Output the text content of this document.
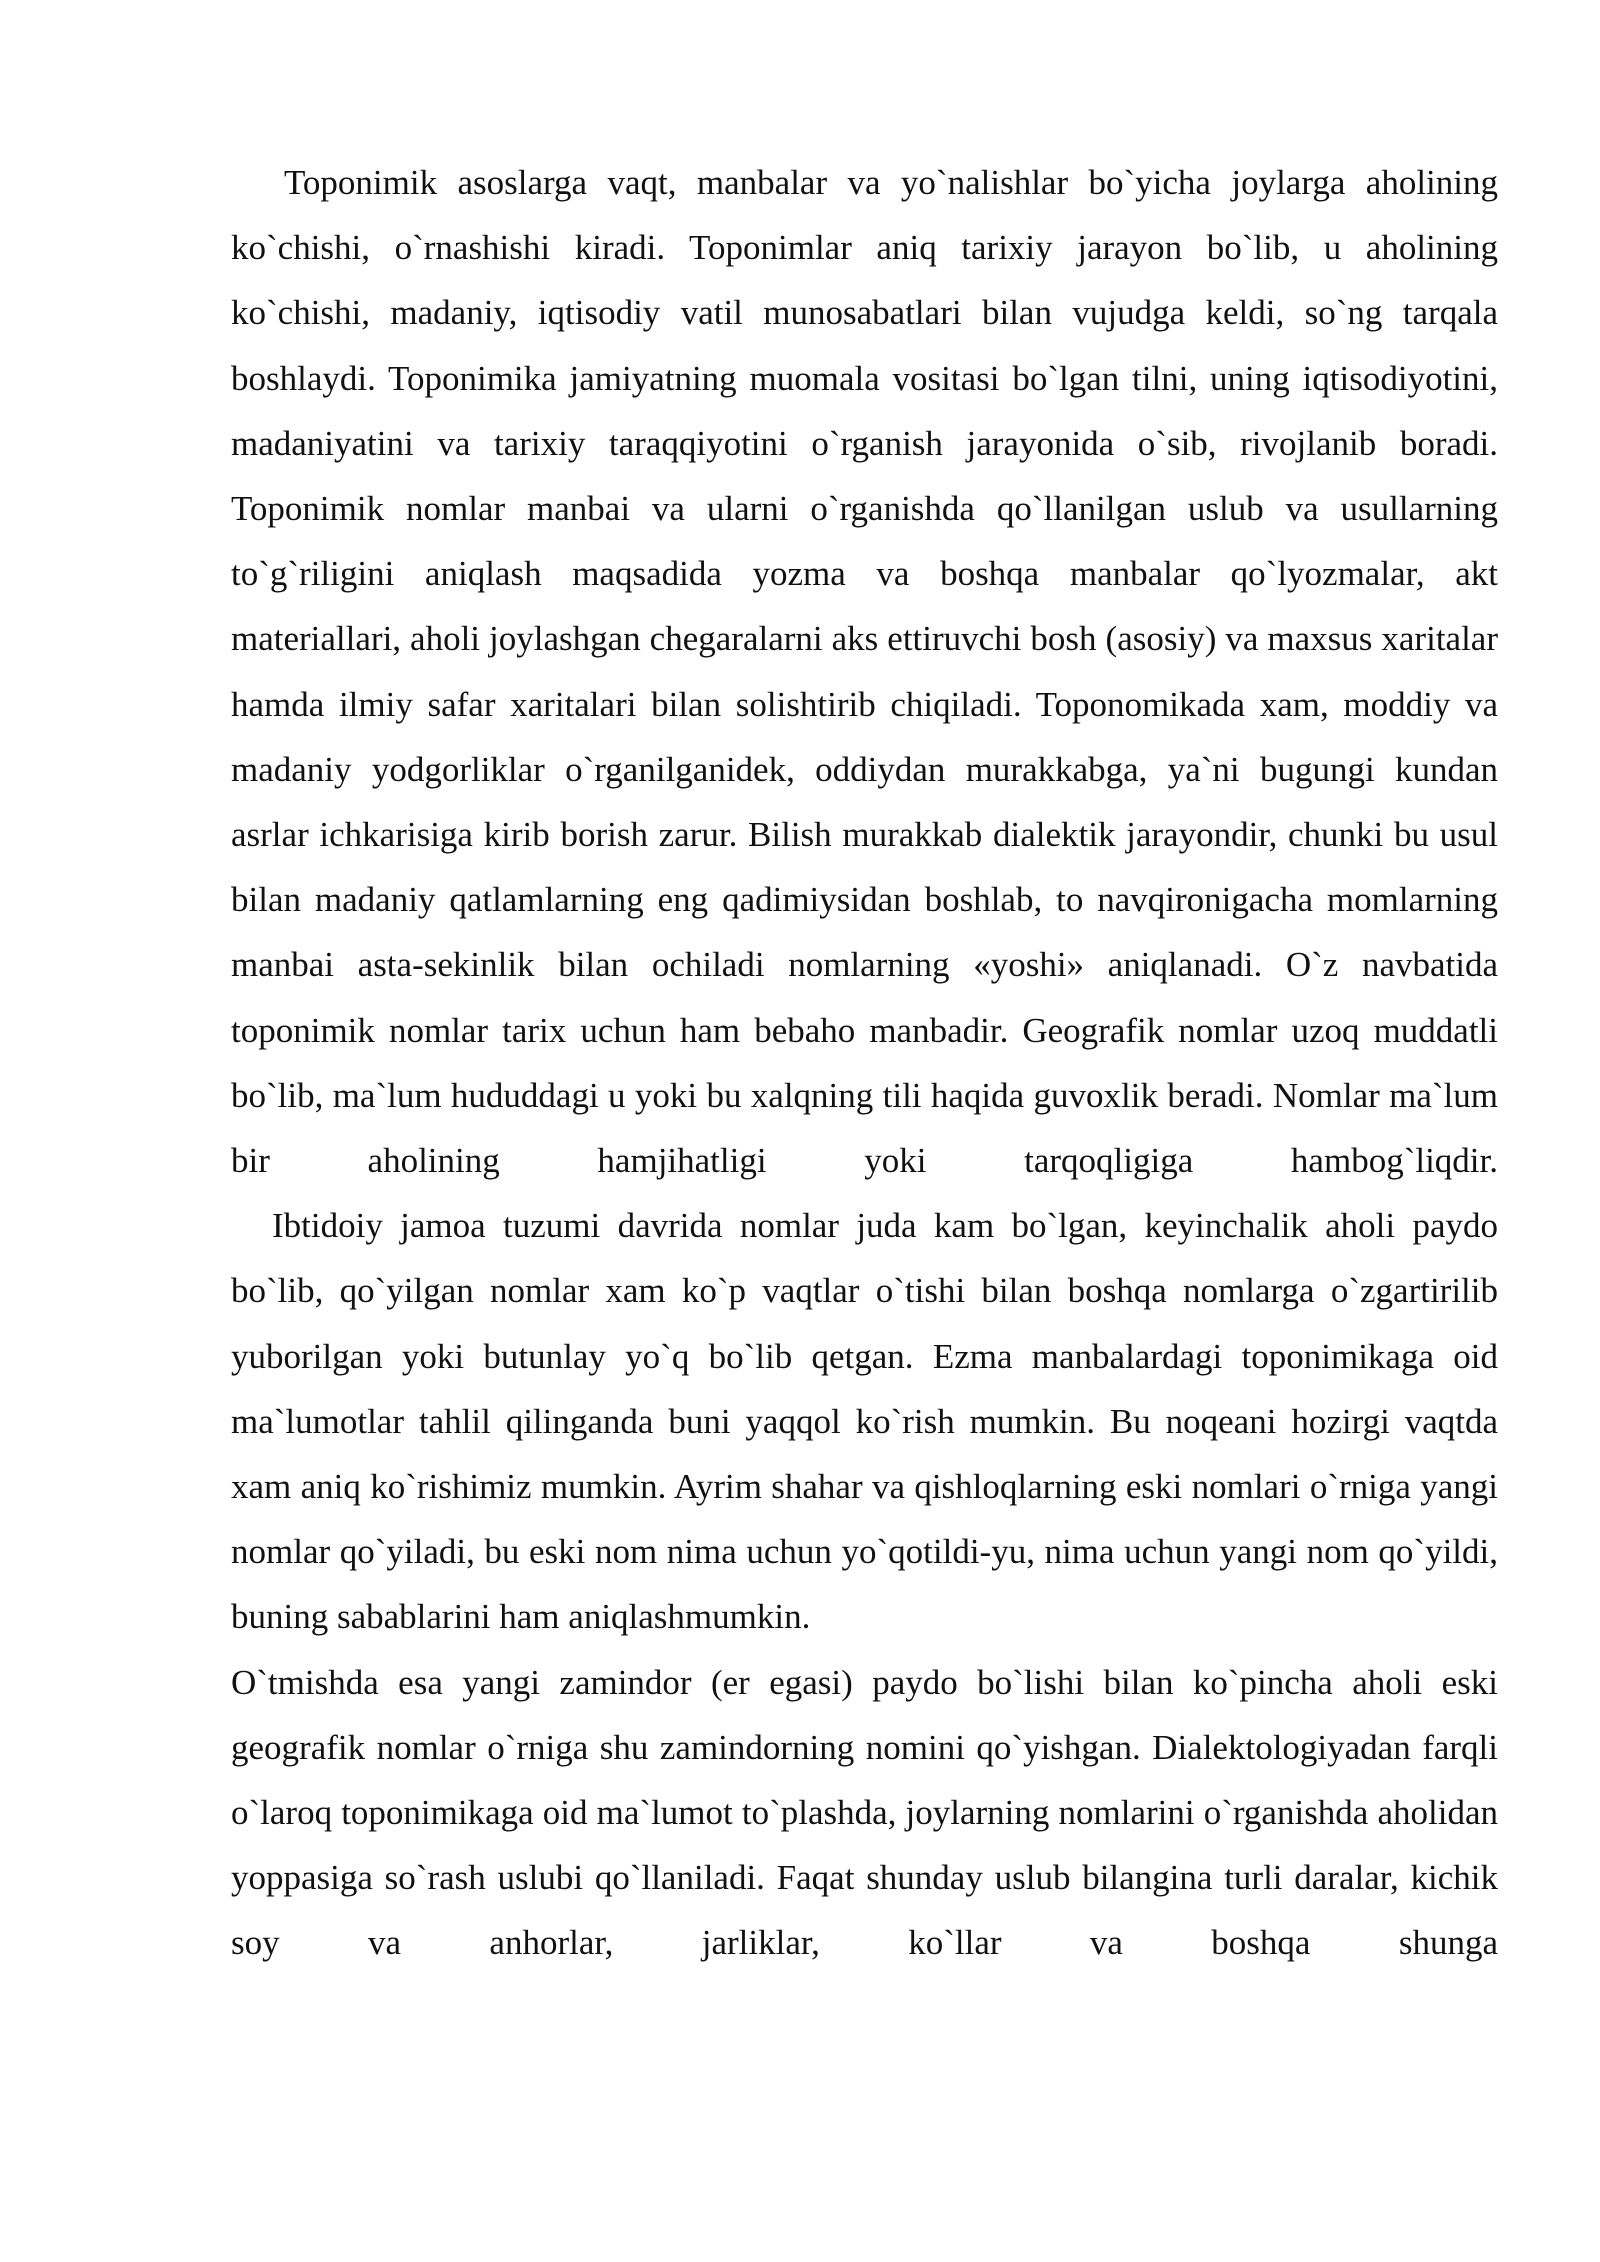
Toponimik asoslarga vaqt, manbalar va yo`nalishlar bo`yicha joylarga aholining ko`chishi, o`rnashishi kiradi. Toponimlar aniq tarixiy jarayon bo`lib, u aholining ko`chishi, madaniy, iqtisodiy vatil munosabatlari bilan vujudga keldi, so`ng tarqala boshlaydi. Toponimika jamiyatning muomala vositasi bo`lgan tilni, uning iqtisodiyotini, madaniyatini va tarixiy taraqqiyotini o`rganish jarayonida o`sib, rivojlanib boradi. Toponimik nomlar manbai va ularni o`rganishda qo`llanilgan uslub va usullarning to`g`riligini aniqlash maqsadida yozma va boshqa manbalar qo`lyozmalar, akt materiallari, aholi joylashgan chegaralarni aks ettiruvchi bosh (asosiy) va maxsus xaritalar hamda ilmiy safar xaritalari bilan solishtirib chiqiladi. Toponomikada xam, moddiy va madaniy yodgorliklar o`rganilganidek, oddiydan murakkabga, ya`ni bugungi kundan asrlar ichkarisiga kirib borish zarur. Bilish murakkab dialektik jarayondir, chunki bu usul bilan madaniy qatlamlarning eng qadimiysidan boshlab, to navqironigacha momlarning manbai asta-sekinlik bilan ochiladi nomlarning «yoshi» aniqlanadi. O`z navbatida toponimik nomlar tarix uchun ham bebaho manbadir. Geografik nomlar uzoq muddatli bo`lib, ma`lum hududdagi u yoki bu xalqning tili haqida guvoxlik beradi. Nomlar ma`lum bir aholining hamjihatligi yoki tarqoqligiga hambog`liqdir.

Ibtidoiy jamoa tuzumi davrida nomlar juda kam bo`lgan, keyinchalik aholi paydo bo`lib, qo`yilgan nomlar xam ko`p vaqtlar o`tishi bilan boshqa nomlarga o`zgartirilib yuborilgan yoki butunlay yo`q bo`lib qetgan. Ezma manbalardagi toponimikaga oid ma`lumotlar tahlil qilinganda buni yaqqol ko`rish mumkin. Bu noqeani hozirgi vaqtda xam aniq ko`rishimiz mumkin. Ayrim shahar va qishloqlarning eski nomlari o`rniga yangi nomlar qo`yiladi, bu eski nom nima uchun yo`qotildi-yu, nima uchun yangi nom qo`yildi, buning sabablarini ham aniqlashmumkin.

O`tmishda esa yangi zamindor (er egasi) paydo bo`lishi bilan ko`pincha aholi eski geografik nomlar o`rniga shu zamindorning nomini qo`yishgan. Dialektologiyadan farqli o`laroq toponimikaga oid ma`lumot to`plashda, joylarning nomlarini o`rganishda aholidan yoppasiga so`rash uslubi qo`llaniladi. Faqat shunday uslub bilangina turli daralar, kichik soy va anhorlar, jarliklar, ko`llar va boshqa shunga
